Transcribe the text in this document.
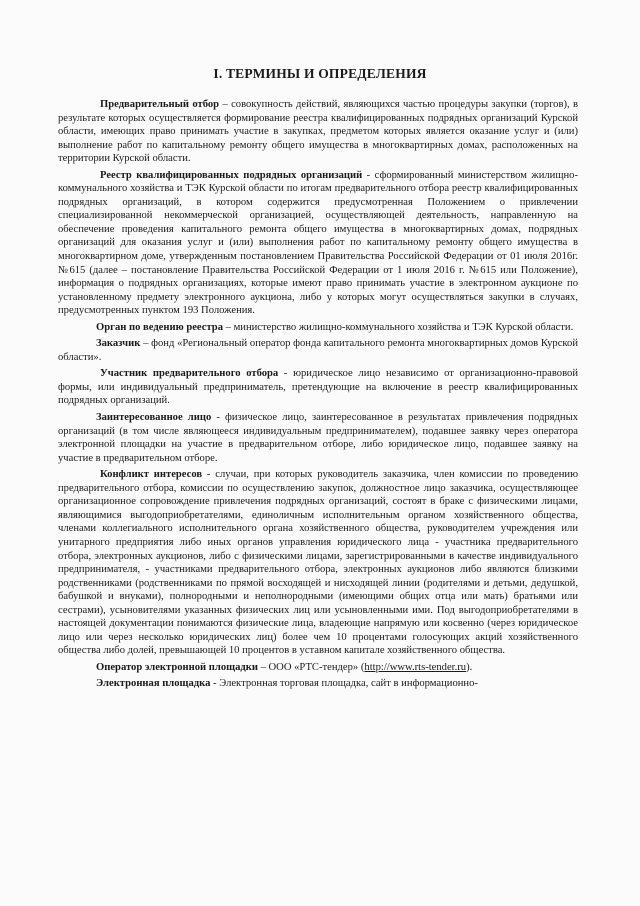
I. ТЕРМИНЫ И ОПРЕДЕЛЕНИЯ

Предварительный отбор – совокупность действий, являющихся частью процедуры закупки (торгов), в результате которых осуществляется формирование реестра квалифицированных подрядных организаций Курской области, имеющих право принимать участие в закупках, предметом которых является оказание услуг и (или) выполнение работ по капитальному ремонту общего имущества в многоквартирных домах, расположенных на территории Курской области.

Реестр квалифицированных подрядных организаций - сформированный министерством жилищно-коммунального хозяйства и ТЭК Курской области по итогам предварительного отбора реестр квалифицированных подрядных организаций, в котором содержится предусмотренная Положением о привлечении специализированной некоммерческой организацией, осуществляющей деятельность, направленную на обеспечение проведения капитального ремонта общего имущества в многоквартирных домах, подрядных организаций для оказания услуг и (или) выполнения работ по капитальному ремонту общего имущества в многоквартирном доме, утвержденным постановлением Правительства Российской Федерации от 01 июля 2016г. №615 (далее – постановление Правительства Российской Федерации от 1 июля 2016 г. №615 или Положение), информация о подрядных организациях, которые имеют право принимать участие в электронном аукционе по установленному предмету электронного аукциона, либо у которых могут осуществляться закупки в случаях, предусмотренных пунктом 193 Положения.

Орган по ведению реестра – министерство жилищно-коммунального хозяйства и ТЭК Курской области.

Заказчик – фонд «Региональный оператор фонда капитального ремонта многоквартирных домов Курской области».

Участник предварительного отбора - юридическое лицо независимо от организационно-правовой формы, или индивидуальный предприниматель, претендующие на включение в реестр квалифицированных подрядных организаций.

Заинтересованное лицо - физическое лицо, заинтересованное в результатах привлечения подрядных организаций (в том числе являющееся индивидуальным предпринимателем), подавшее заявку через оператора электронной площадки на участие в предварительном отборе, либо юридическое лицо, подавшее заявку на участие в предварительном отборе.

Конфликт интересов - случаи, при которых руководитель заказчика, член комиссии по проведению предварительного отбора, комиссии по осуществлению закупок, должностное лицо заказчика, осуществляющее организационное сопровождение привлечения подрядных организаций, состоят в браке с физическими лицами, являющимися выгодоприобретателями, единоличным исполнительным органом хозяйственного общества, членами коллегиального исполнительного органа хозяйственного общества, руководителем учреждения или унитарного предприятия либо иных органов управления юридического лица - участника предварительного отбора, электронных аукционов, либо с физическими лицами, зарегистрированными в качестве индивидуального предпринимателя, - участниками предварительного отбора, электронных аукционов либо являются близкими родственниками (родственниками по прямой восходящей и нисходящей линии (родителями и детьми, дедушкой, бабушкой и внуками), полнородными и неполнородными (имеющими общих отца или мать) братьями или сестрами), усыновителями указанных физических лиц или усыновленными ими. Под выгодоприобретателями в настоящей документации понимаются физические лица, владеющие напрямую или косвенно (через юридическое лицо или через несколько юридических лиц) более чем 10 процентами голосующих акций хозяйственного общества либо долей, превышающей 10 процентов в уставном капитале хозяйственного общества.

Оператор электронной площадки – ООО «РТС-тендер» (http://www.rts-tender.ru).

Электронная площадка - Электронная торговая площадка, сайт в информационно-
